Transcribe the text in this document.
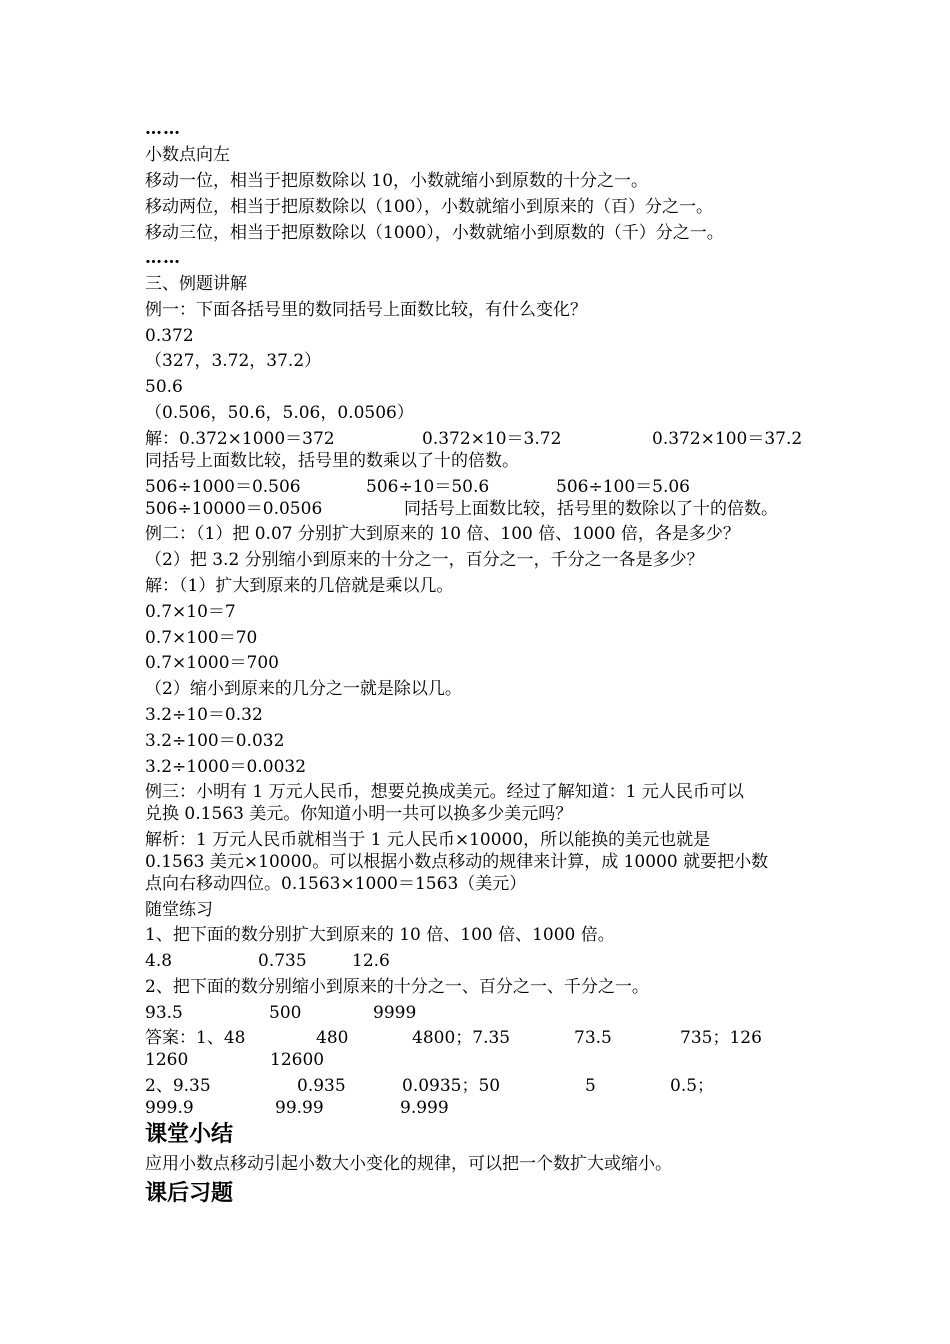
……
小数点向左
移动一位，相当于把原数除以 10，小数就缩小到原数的十分之一。
移动两位，相当于把原数除以（100），小数就缩小到原来的（百）分之一。
移动三位，相当于把原数除以（1000），小数就缩小到原数的（千）分之一。
……
三、例题讲解
例一：下面各括号里的数同括号上面数比较，有什么变化？
0.372
（327，3.72，37.2）
50.6
（0.506，50.6，5.06，0.0506）
解：0.372×1000＝372	0.372×10＝3.72	0.372×100＝37.2
同括号上面数比较，括号里的数乘以了十的倍数。
506÷1000＝0.506	506÷10＝50.6	506÷100＝5.06
506÷10000＝0.0506	同括号上面数比较，括号里的数除以了十的倍数。
例二：（1）把 0.07 分别扩大到原来的 10 倍、100 倍、1000 倍，各是多少？
（2）把 3.2 分别缩小到原来的十分之一，百分之一，千分之一各是多少？
解：（1）扩大到原来的几倍就是乘以几。
0.7×10＝7
0.7×100＝70
0.7×1000＝700
（2）缩小到原来的几分之一就是除以几。
3.2÷10＝0.32
3.2÷100＝0.032
3.2÷1000＝0.0032
例三：小明有 1 万元人民币，想要兑换成美元。经过了解知道：1 元人民币可以
兑换 0.1563 美元。你知道小明一共可以换多少美元吗？
解析：1 万元人民币就相当于 1 元人民币×10000，所以能换的美元也就是
0.1563 美元×10000。可以根据小数点移动的规律来计算，成 10000 就要把小数
点向右移动四位。0.1563×1000＝1563（美元）
随堂练习
1、把下面的数分别扩大到原来的 10 倍、100 倍、1000 倍。
4.8	0.735	12.6
2、把下面的数分别缩小到原来的十分之一、百分之一、千分之一。
93.5	500	9999
答案：1、48	480	4800；7.35	73.5	735；126
1260	12600
2、9.35	0.935	0.0935；50	5	0.5；
999.9	99.99	9.999
课堂小结
应用小数点移动引起小数大小变化的规律，可以把一个数扩大或缩小。
课后习题
